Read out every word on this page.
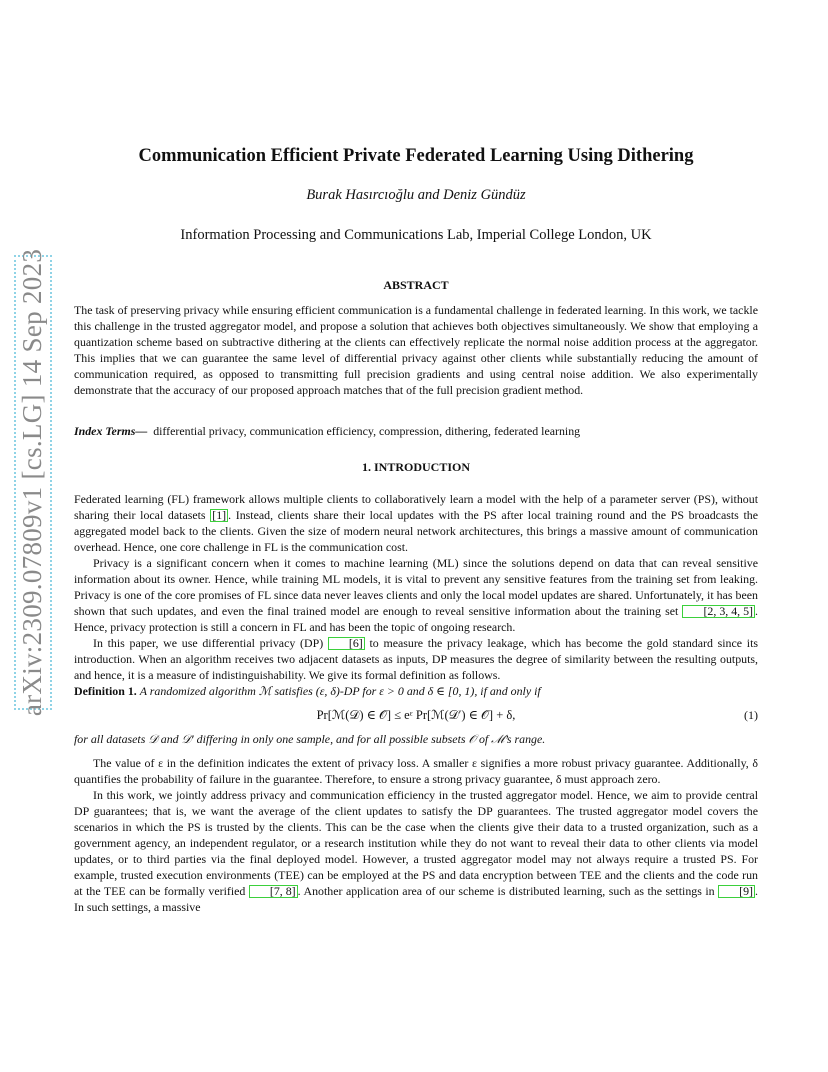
arXiv:2309.07809v1 [cs.LG] 14 Sep 2023
Communication Efficient Private Federated Learning Using Dithering
Burak Hasırcıoğlu and Deniz Gündüz
Information Processing and Communications Lab, Imperial College London, UK
ABSTRACT

The task of preserving privacy while ensuring efficient communication is a fundamental challenge in federated learning. In this work, we tackle this challenge in the trusted aggregator model, and propose a solution that achieves both objectives simultaneously. We show that employing a quantization scheme based on subtractive dithering at the clients can effectively replicate the normal noise addition process at the aggregator. This implies that we can guarantee the same level of differential privacy against other clients while substantially reducing the amount of communication required, as opposed to transmitting full precision gradients and using central noise addition. We also experimentally demonstrate that the accuracy of our proposed approach matches that of the full precision gradient method.

Index Terms— differential privacy, communication efficiency, compression, dithering, federated learning

1. INTRODUCTION

Federated learning (FL) framework allows multiple clients to collaboratively learn a model with the help of a parameter server (PS), without sharing their local datasets [1] . Instead, clients share their local updates with the PS after local training round and the PS broadcasts the aggregated model back to the clients. Given the size of modern neural network architectures, this brings a massive amount of communication overhead. Hence, one core challenge in FL is the communication cost.

Privacy is a significant concern when it comes to machine learning (ML) since the solutions depend on data that can reveal sensitive information about its owner. Hence, while training ML models, it is vital to prevent any sensitive features from the training set from leaking. Privacy is one of the core promises of FL since data never leaves clients and only the local model updates are shared. Unfortunately, it has been shown that such updates, and even the final trained model are enough to reveal sensitive information about the training set [2, 3, 4, 5] . Hence, privacy protection is still a concern in FL and has been the topic of ongoing research.

In this paper, we use differential privacy (DP) [6] to measure the privacy leakage, which has become the gold standard since its introduction. When an algorithm receives two adjacent datasets as inputs, DP measures the degree of similarity between the resulting outputs, and hence, it is a measure of indistinguishability. We give its formal definition as follows.

Definition 1. A randomized algorithm ℳ satisfies (ε, δ)-DP for ε > 0 and δ ∈ [0, 1), if and only if

Pr[ℳ(𝒟) ∈ 𝒪] ≤ eᵋ Pr[ℳ(𝒟′) ∈ 𝒪] + δ,	(1)

for all datasets 𝒟 and 𝒟′ differing in only one sample, and for all possible subsets 𝒪 of ℳ’s range.

The value of ε in the definition indicates the extent of privacy loss. A smaller ε signifies a more robust privacy guarantee. Additionally, δ quantifies the probability of failure in the guarantee. Therefore, to ensure a strong privacy guarantee, δ must approach zero.

In this work, we jointly address privacy and communication efficiency in the trusted aggregator model. Hence, we aim to provide central DP guarantees; that is, we want the average of the client updates to satisfy the DP guarantees. The trusted aggregator model covers the scenarios in which the PS is trusted by the clients. This can be the case when the clients give their data to a trusted organization, such as a government agency, an independent regulator, or a research institution while they do not want to reveal their data to other clients via model updates, or to third parties via the final deployed model. However, a trusted aggregator model may not always require a trusted PS. For example, trusted execution environments (TEE) can be employed at the PS and data encryption between TEE and the clients and the code run at the TEE can be formally verified [7, 8] . Another application area of our scheme is distributed learning, such as the settings in [9] . In such settings, a massive
